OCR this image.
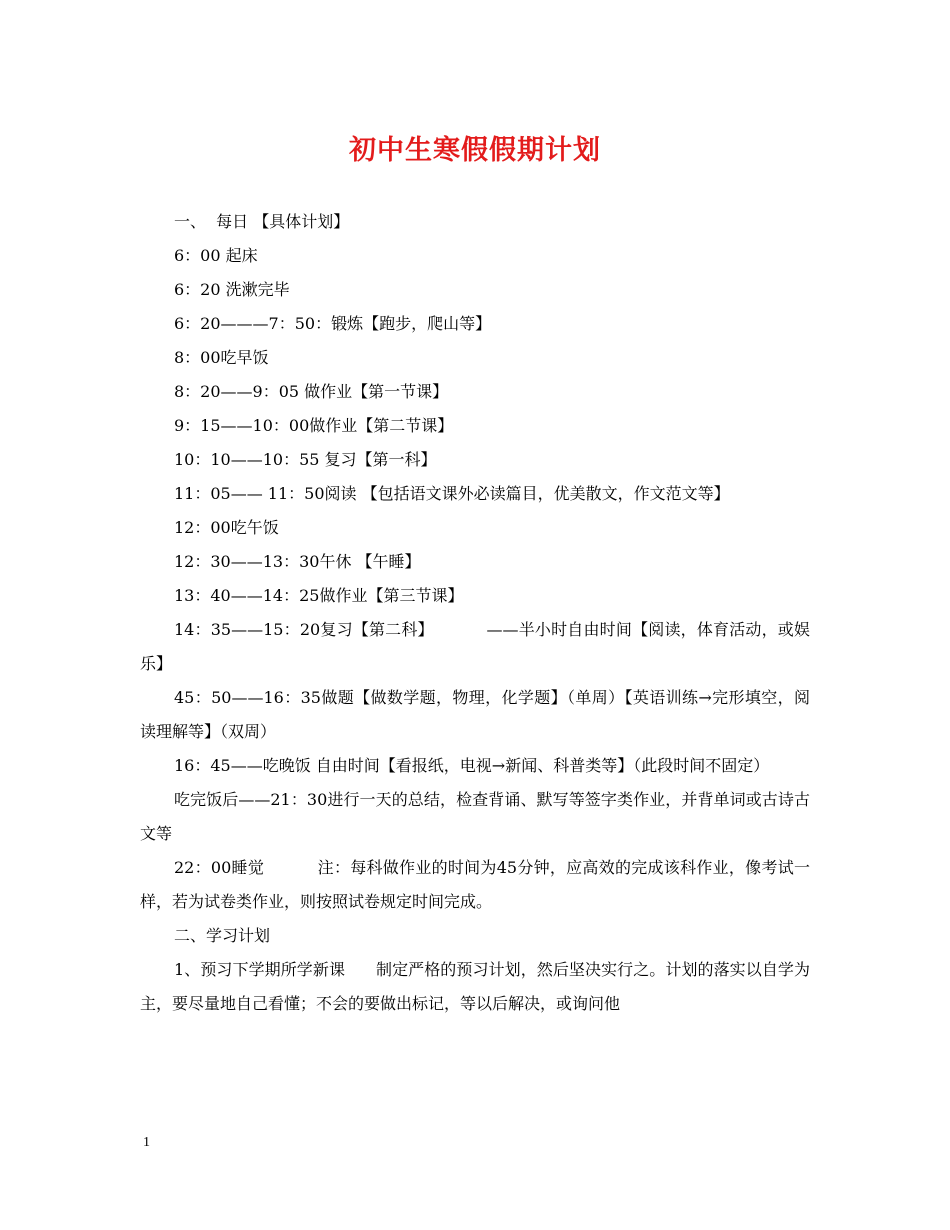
初中生寒假假期计划

一、  每日 【具体计划】

6：00 起床

6：20 洗漱完毕

6：20———7：50：锻炼【跑步，爬山等】

8：00吃早饭

8：20——9：05 做作业【第一节课】

9：15——10：00做作业【第二节课】

10：10——10：55 复习【第一科】

11：05—— 11：50阅读 【包括语文课外必读篇目，优美散文，作文范文等】

12：00吃午饭

12：30——13：30午休 【午睡】

13：40——14：25做作业【第三节课】

14：35——15：20复习【第二科】          ——半小时自由时间【阅读，体育活动，或娱乐】

45：50——16：35做题【做数学题，物理，化学题】（单周）【英语训练→完形填空，阅读理解等】（双周）

16：45——吃晚饭 自由时间【看报纸，电视→新闻、科普类等】（此段时间不固定）

吃完饭后——21：30进行一天的总结，检查背诵、默写等签字类作业，并背单词或古诗古文等

22：00睡觉          注：每科做作业的时间为45分钟，应高效的完成该科作业，像考试一样，若为试卷类作业，则按照试卷规定时间完成。

二、学习计划

1、预习下学期所学新课      制定严格的预习计划，然后坚决实行之。计划的落实以自学为主，要尽量地自己看懂；不会的要做出标记，等以后解决，或询问他

1
